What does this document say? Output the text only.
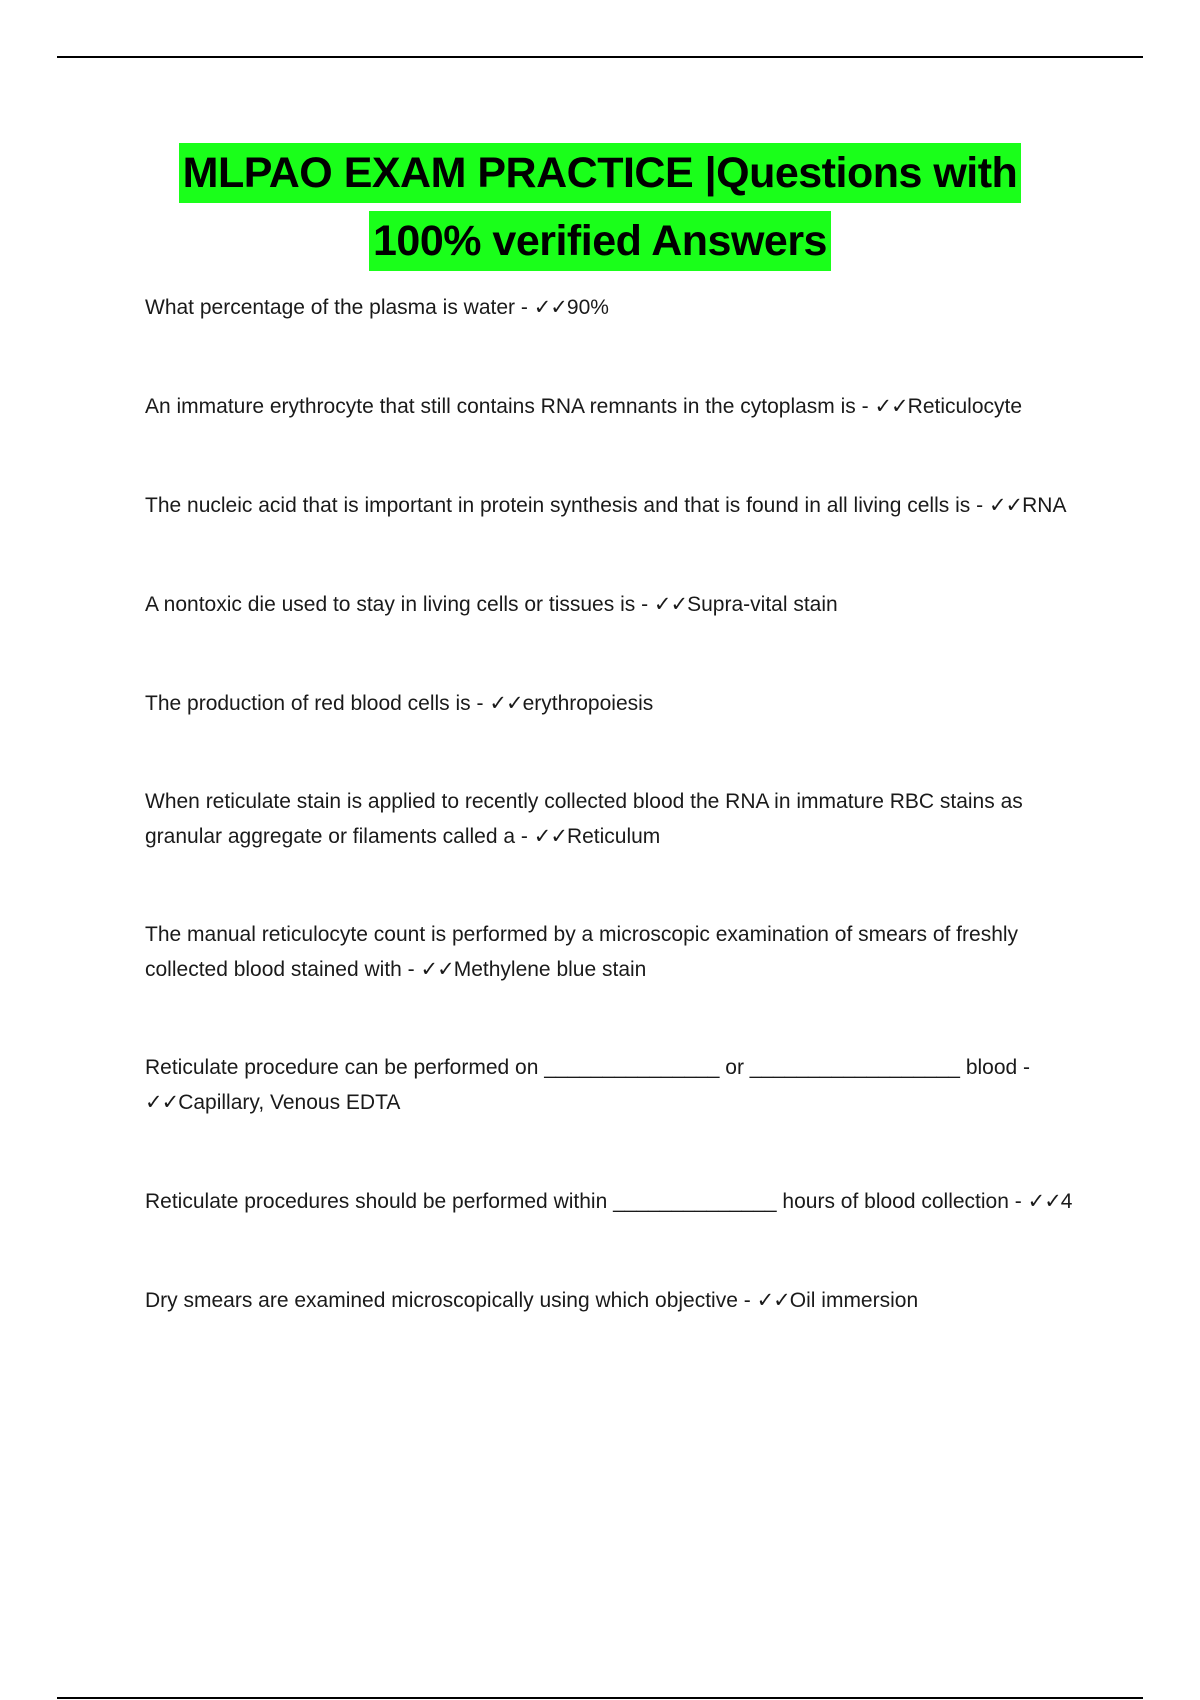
MLPAO EXAM PRACTICE |Questions with
100% verified Answers
What percentage of the plasma is water - ✓✓90%
An immature erythrocyte that still contains RNA remnants in the cytoplasm is - ✓✓Reticulocyte
The nucleic acid that is important in protein synthesis and that is found in all living cells is - ✓✓RNA
A nontoxic die used to stay in living cells or tissues is - ✓✓Supra-vital stain
The production of red blood cells is - ✓✓erythropoiesis
When reticulate stain is applied to recently collected blood the RNA in immature RBC stains as granular aggregate or filaments called a - ✓✓Reticulum
The manual reticulocyte count is performed by a microscopic examination of smears of freshly collected blood stained with - ✓✓Methylene blue stain
Reticulate procedure can be performed on _______________ or __________________ blood - ✓✓Capillary, Venous EDTA
Reticulate procedures should be performed within ______________ hours of blood collection - ✓✓4
Dry smears are examined microscopically using which objective - ✓✓Oil immersion
